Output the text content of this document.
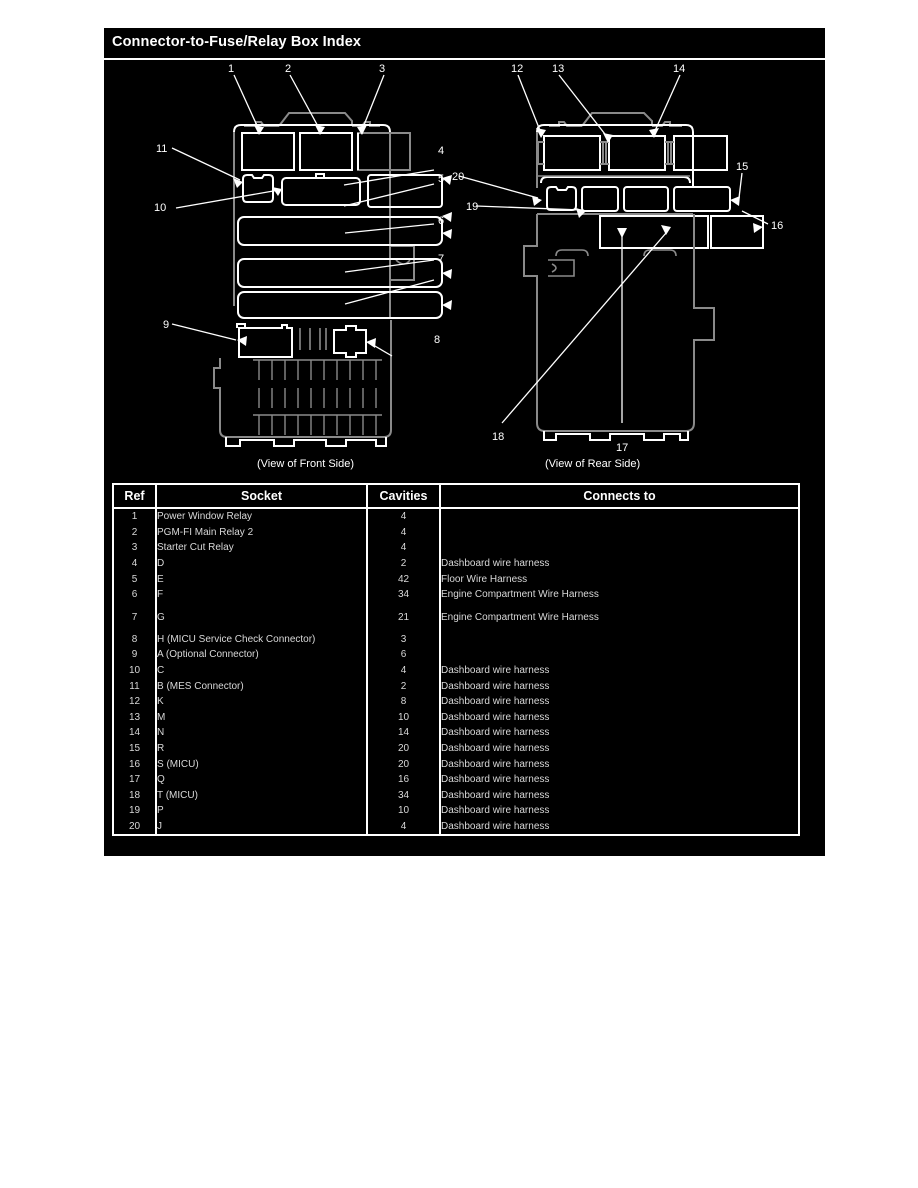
Connector-to-Fuse/Relay Box Index
1	2	3
4
5
6
7
8
9
10
11
12	13	14
15
16
17
18
19
20
(View of Front Side)	(View of Rear Side)
Ref	Socket	Cavities	Connects to
1	Power Window Relay	4	
2	PGM-FI Main Relay 2	4	
3	Starter Cut Relay	4	
4	D	2	Dashboard wire harness
5	E	42	Floor Wire Harness
6	F	34	Engine Compartment Wire Harness
7	G	21	Engine Compartment Wire Harness
8	H (MICU Service Check Connector)	3	
9	A (Optional Connector)	6	
10	C	4	Dashboard wire harness
11	B (MES Connector)	2	Dashboard wire harness
12	K	8	Dashboard wire harness
13	M	10	Dashboard wire harness
14	N	14	Dashboard wire harness
15	R	20	Dashboard wire harness
16	S (MICU)	20	Dashboard wire harness
17	Q	16	Dashboard wire harness
18	T (MICU)	34	Dashboard wire harness
19	P	10	Dashboard wire harness
20	J	4	Dashboard wire harness
